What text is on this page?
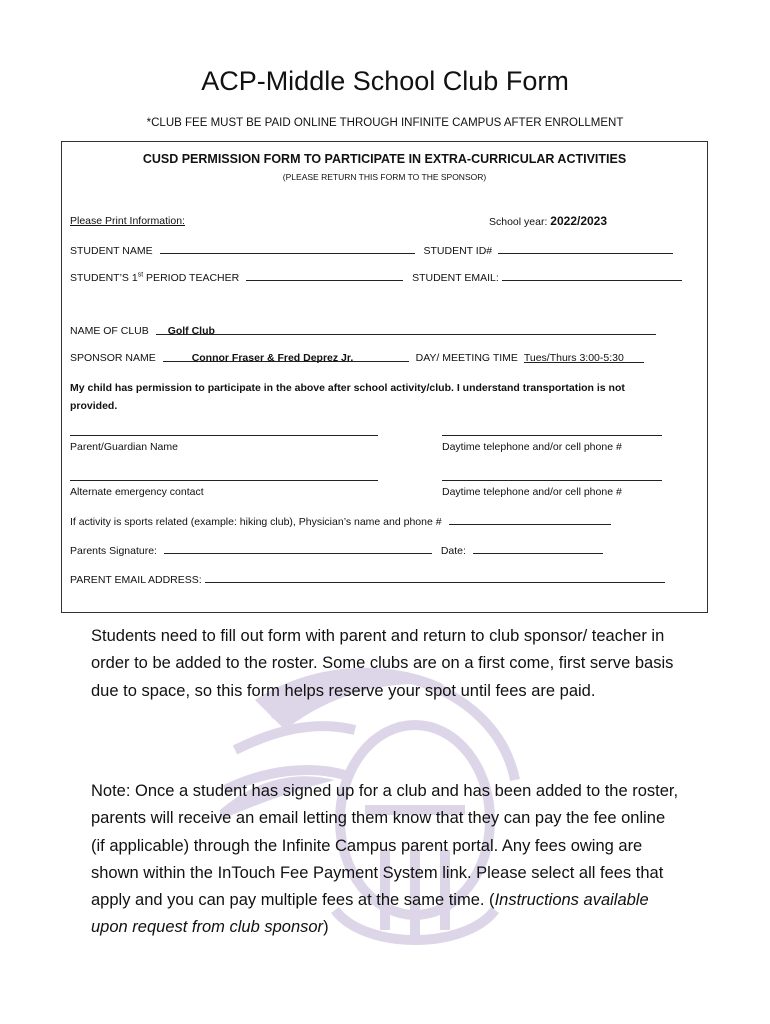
ACP-Middle School Club Form
*CLUB FEE MUST BE PAID ONLINE THROUGH INFINITE CAMPUS AFTER ENROLLMENT
CUSD PERMISSION FORM TO PARTICIPATE IN EXTRA-CURRICULAR ACTIVITIES
(PLEASE RETURN THIS FORM TO THE SPONSOR)
Please Print Information:	School year: 2022/2023
STUDENT NAME	STUDENT ID#
STUDENT’S 1st PERIOD TEACHER	STUDENT EMAIL:
NAME OF CLUB Golf Club
SPONSOR NAME	Connor Fraser & Fred Deprez Jr.	DAY/ MEETING TIME Tues/Thurs 3:00-5:30
My child has permission to participate in the above after school activity/club. I understand transportation is not provided.
Parent/Guardian Name	Daytime telephone and/or cell phone #
Alternate emergency contact	Daytime telephone and/or cell phone #
If activity is sports related (example: hiking club), Physician’s name and phone #
Parents Signature:	Date:
PARENT EMAIL ADDRESS:
Students need to fill out form with parent and return to club sponsor/ teacher in order to be added to the roster. Some clubs are on a first come, first serve basis due to space, so this form helps reserve your spot until fees are paid.
Note: Once a student has signed up for a club and has been added to the roster, parents will receive an email letting them know that they can pay the fee online (if applicable) through the Infinite Campus parent portal. Any fees owing are shown within the InTouch Fee Payment System link. Please select all fees that apply and you can pay multiple fees at the same time. (Instructions available upon request from club sponsor)
